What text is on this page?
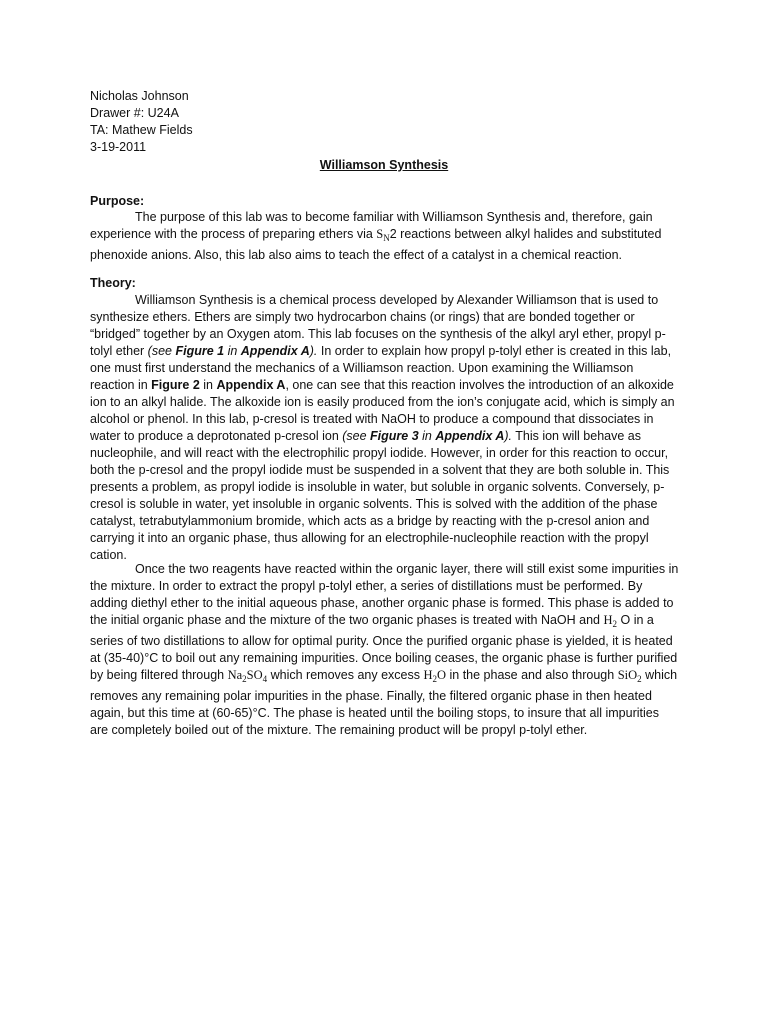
Nicholas Johnson
Drawer #: U24A
TA: Mathew Fields
3-19-2011
Williamson Synthesis
Purpose:
The purpose of this lab was to become familiar with Williamson Synthesis and, therefore, gain experience with the process of preparing ethers via $S_N2$ reactions between alkyl halides and substituted phenoxide anions. Also, this lab also aims to teach the effect of a catalyst in a chemical reaction.
Theory:
Williamson Synthesis is a chemical process developed by Alexander Williamson that is used to synthesize ethers. Ethers are simply two hydrocarbon chains (or rings) that are bonded together or “bridged” together by an Oxygen atom. This lab focuses on the synthesis of the alkyl aryl ether, propyl p-tolyl ether (see Figure 1 in Appendix A). In order to explain how propyl p-tolyl ether is created in this lab, one must first understand the mechanics of a Williamson reaction. Upon examining the Williamson reaction in Figure 2 in Appendix A, one can see that this reaction involves the introduction of an alkoxide ion to an alkyl halide. The alkoxide ion is easily produced from the ion’s conjugate acid, which is simply an alcohol or phenol. In this lab, p-cresol is treated with NaOH to produce a compound that dissociates in water to produce a deprotonated p-cresol ion (see Figure 3 in Appendix A). This ion will behave as nucleophile, and will react with the electrophilic propyl iodide. However, in order for this reaction to occur, both the p-cresol and the propyl iodide must be suspended in a solvent that they are both soluble in. This presents a problem, as propyl iodide is insoluble in water, but soluble in organic solvents. Conversely, p-cresol is soluble in water, yet insoluble in organic solvents. This is solved with the addition of the phase catalyst, tetrabutylammonium bromide, which acts as a bridge by reacting with the p-cresol anion and carrying it into an organic phase, thus allowing for an electrophile-nucleophile reaction with the propyl cation.
Once the two reagents have reacted within the organic layer, there will still exist some impurities in the mixture. In order to extract the propyl p-tolyl ether, a series of distillations must be performed. By adding diethyl ether to the initial aqueous phase, another organic phase is formed. This phase is added to the initial organic phase and the mixture of the two organic phases is treated with NaOH and $H_2$ O in a series of two distillations to allow for optimal purity. Once the purified organic phase is yielded, it is heated at (35-40)°C to boil out any remaining impurities. Once boiling ceases, the organic phase is further purified by being filtered through $Na_2SO_4$ which removes any excess $H_2O$ in the phase and also through SiO$_2$ which removes any remaining polar impurities in the phase. Finally, the filtered organic phase in then heated again, but this time at (60-65)°C. The phase is heated until the boiling stops, to insure that all impurities are completely boiled out of the mixture. The remaining product will be propyl p-tolyl ether.
